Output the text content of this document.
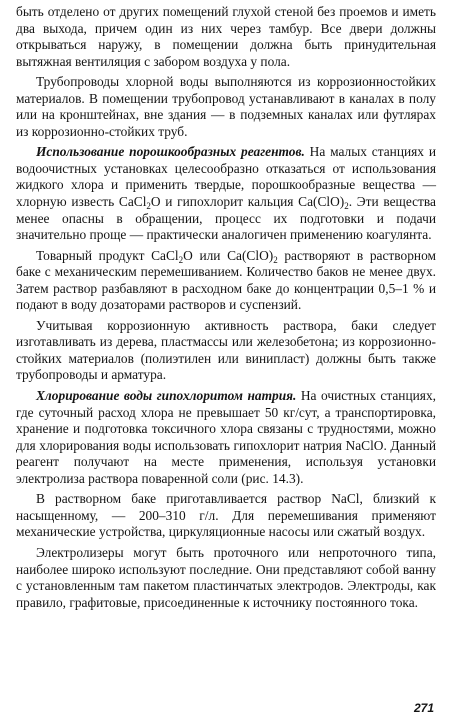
быть отделено от других помещений глухой стеной без проемов и иметь два выхода, причем один из них через тамбур. Все двери должны открываться наружу, в помещении должна быть принудительная вытяжная вентиляция с забором воздуха у пола.

Трубопроводы хлорной воды выполняются из коррозионностойких материалов. В помещении трубопровод устанавливают в каналах в полу или на кронштейнах, вне здания — в подземных каналах или футлярах из коррозионно-стойких труб.

Использование порошкообразных реагентов. На малых станциях и водоочистных установках целесообразно отказаться от использования жидкого хлора и применить твердые, порошкообразные вещества — хлорную известь CaCl$_2$O и гипохлорит кальция $Ca(ClO)_2$. Эти вещества менее опасны в обращении, процесс их подготовки и подачи значительно проще — практически аналогичен применению коагулянта.

Товарный продукт CaCl$_2$O или $Ca(ClO)_2$ растворяют в растворном баке с механическим перемешиванием. Количество баков не менее двух. Затем раствор разбавляют в расходном баке до концентрации 0,5–1 % и подают в воду дозаторами растворов и суспензий.

Учитывая коррозионную активность раствора, баки следует изготавливать из дерева, пластмассы или железобетона; из коррозионно-стойких материалов (полиэтилен или винипласт) должны быть также трубопроводы и арматура.

Хлорирование воды гипохлоритом натрия. На очистных станциях, где суточный расход хлора не превышает 50 кг/сут, а транспортировка, хранение и подготовка токсичного хлора связаны с трудностями, можно для хлорирования воды использовать гипохлорит натрия NaClO. Данный реагент получают на месте применения, используя установки электролиза раствора поваренной соли (рис. 14.3).

В растворном баке приготавливается раствор NaCl, близкий к насыщенному, — 200–310 г/л. Для перемешивания применяют механические устройства, циркуляционные насосы или сжатый воздух.

Электролизеры могут быть проточного или непроточного типа, наиболее широко используют последние. Они представляют собой ванну с установленным там пакетом пластинчатых электродов. Электроды, как правило, графитовые, присоединенные к источнику постоянного тока.

271
